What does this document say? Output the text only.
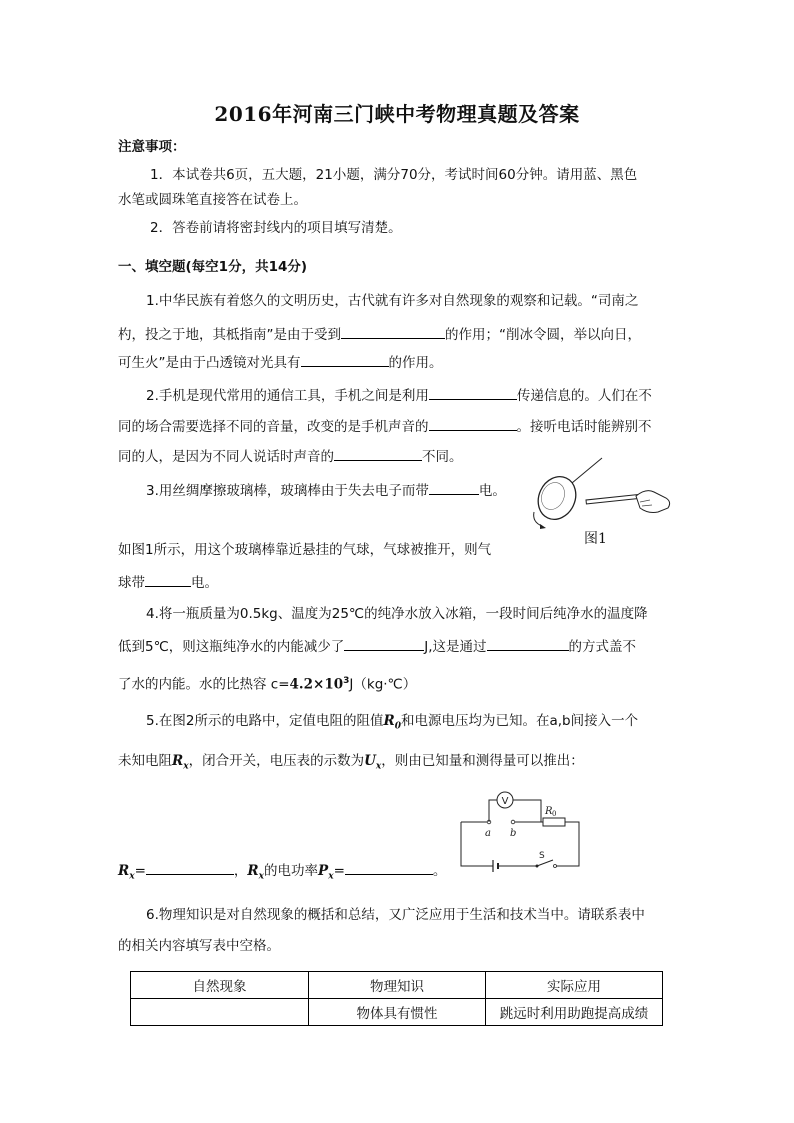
2016年河南三门峡中考物理真题及答案
注意事项：
1．本试卷共6页，五大题，21小题，满分70分，考试时间60分钟。请用蓝、黑色
水笔或圆珠笔直接答在试卷上。
2．答卷前请将密封线内的项目填写清楚。
一、填空题(每空1分，共14分)
1.中华民族有着悠久的文明历史，古代就有许多对自然现象的观察和记载。“司南之
杓，投之于地，其柢指南”是由于受到	的作用；“削冰令圆，举以向日，
可生火”是由于凸透镜对光具有	的作用。
2.手机是现代常用的通信工具，手机之间是利用	传递信息的。人们在不
同的场合需要选择不同的音量，改变的是手机声音的	。接听电话时能辨别不
同的人，是因为不同人说话时声音的	不同。
3.用丝绸摩擦玻璃棒，玻璃棒由于失去电子而带	电。
如图1所示，用这个玻璃棒靠近悬挂的气球，气球被推开，则气
球带	电。
图1
4.将一瓶质量为0.5kg、温度为25℃的纯净水放入冰箱，一段时间后纯净水的温度降
低到5℃，则这瓶纯净水的内能减少了	J,这是通过	的方式盖不
了水的内能。水的比热容 $c=4.2\times 10^3J(kg\cdot℃)$
5.在图2所示的电路中，定值电阻的阻值$R_0$和电源电压均为已知。在a,b间接入一个
未知电阻$R_x$，闭合开关，电压表的示数为$U_x$，则由已知量和测得量可以推出：
$R_x=$	，$R_x$的电功率$P_x=$	。
V
R 0
a b
S
6.物理知识是对自然现象的概括和总结，又广泛应用于生活和技术当中。请联系表中
的相关内容填写表中空格。
自然现象	物理知识	实际应用
	物体具有惯性	跳远时利用助跑提高成绩
